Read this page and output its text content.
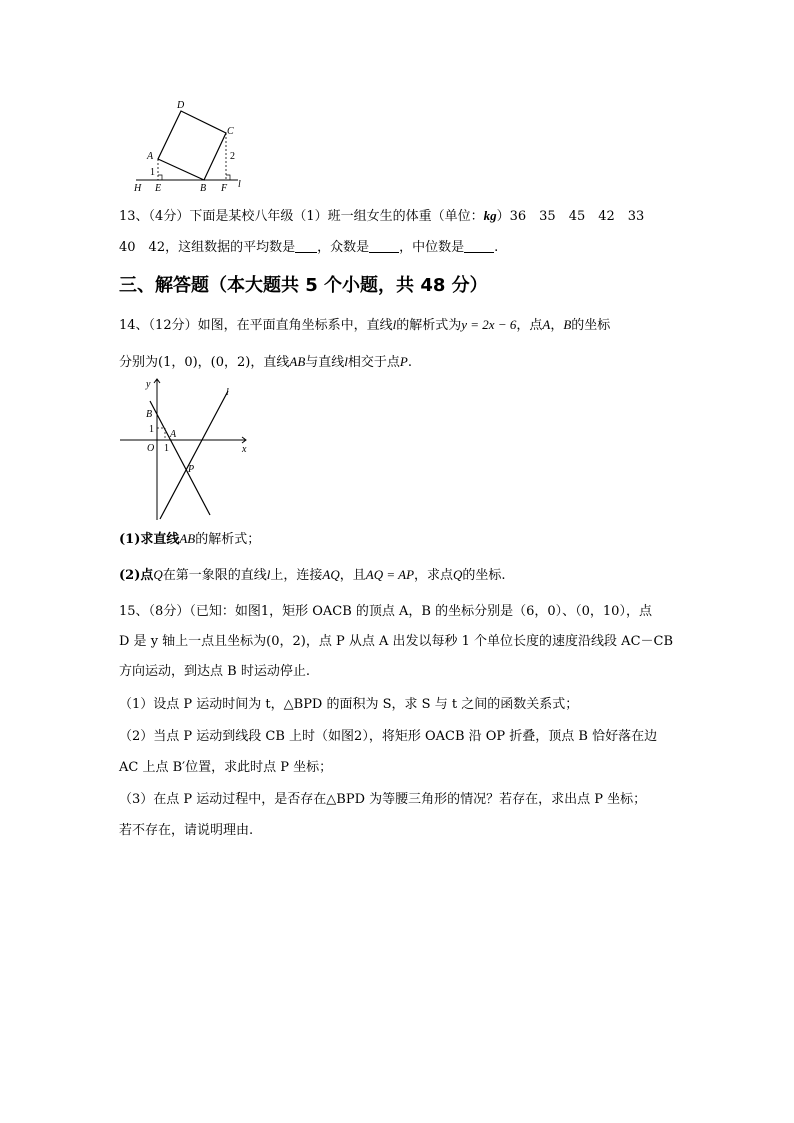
D
C
A
1
2
H E	B F l
13、（4分）下面是某校八年级（1）班一组女生的体重（单位：kg）36　35　45　42　33
40　42，这组数据的平均数是 ，众数是 ，中位数是 .
三、解答题（本大题共 5 个小题，共 48 分）
14、（12分）如图，在平面直角坐标系中，直线l的解析式为y = 2x − 6，点A，B的坐标
分别为(1，0)，(0，2)，直线AB与直线l相交于点P.
y
x
B
1 A
O 1
P
l
(1)求直线AB的解析式；
(2)点Q在第一象限的直线l上，连接AQ，且AQ = AP，求点Q的坐标.
15、（8分）（已知：如图1，矩形 OACB 的顶点 A，B 的坐标分别是（6，0）、（0，10），点
D 是 y 轴上一点且坐标为(0，2)，点 P 从点 A 出发以每秒 1 个单位长度的速度沿线段 AC－CB
方向运动，到达点 B 时运动停止.
（1）设点 P 运动时间为 t，△BPD 的面积为 S，求 S 与 t 之间的函数关系式；
（2）当点 P 运动到线段 CB 上时（如图2），将矩形 OACB 沿 OP 折叠，顶点 B 恰好落在边
AC 上点 B′位置，求此时点 P 坐标；
（3）在点 P 运动过程中，是否存在△BPD 为等腰三角形的情况？若存在，求出点 P 坐标；
若不存在，请说明理由.
